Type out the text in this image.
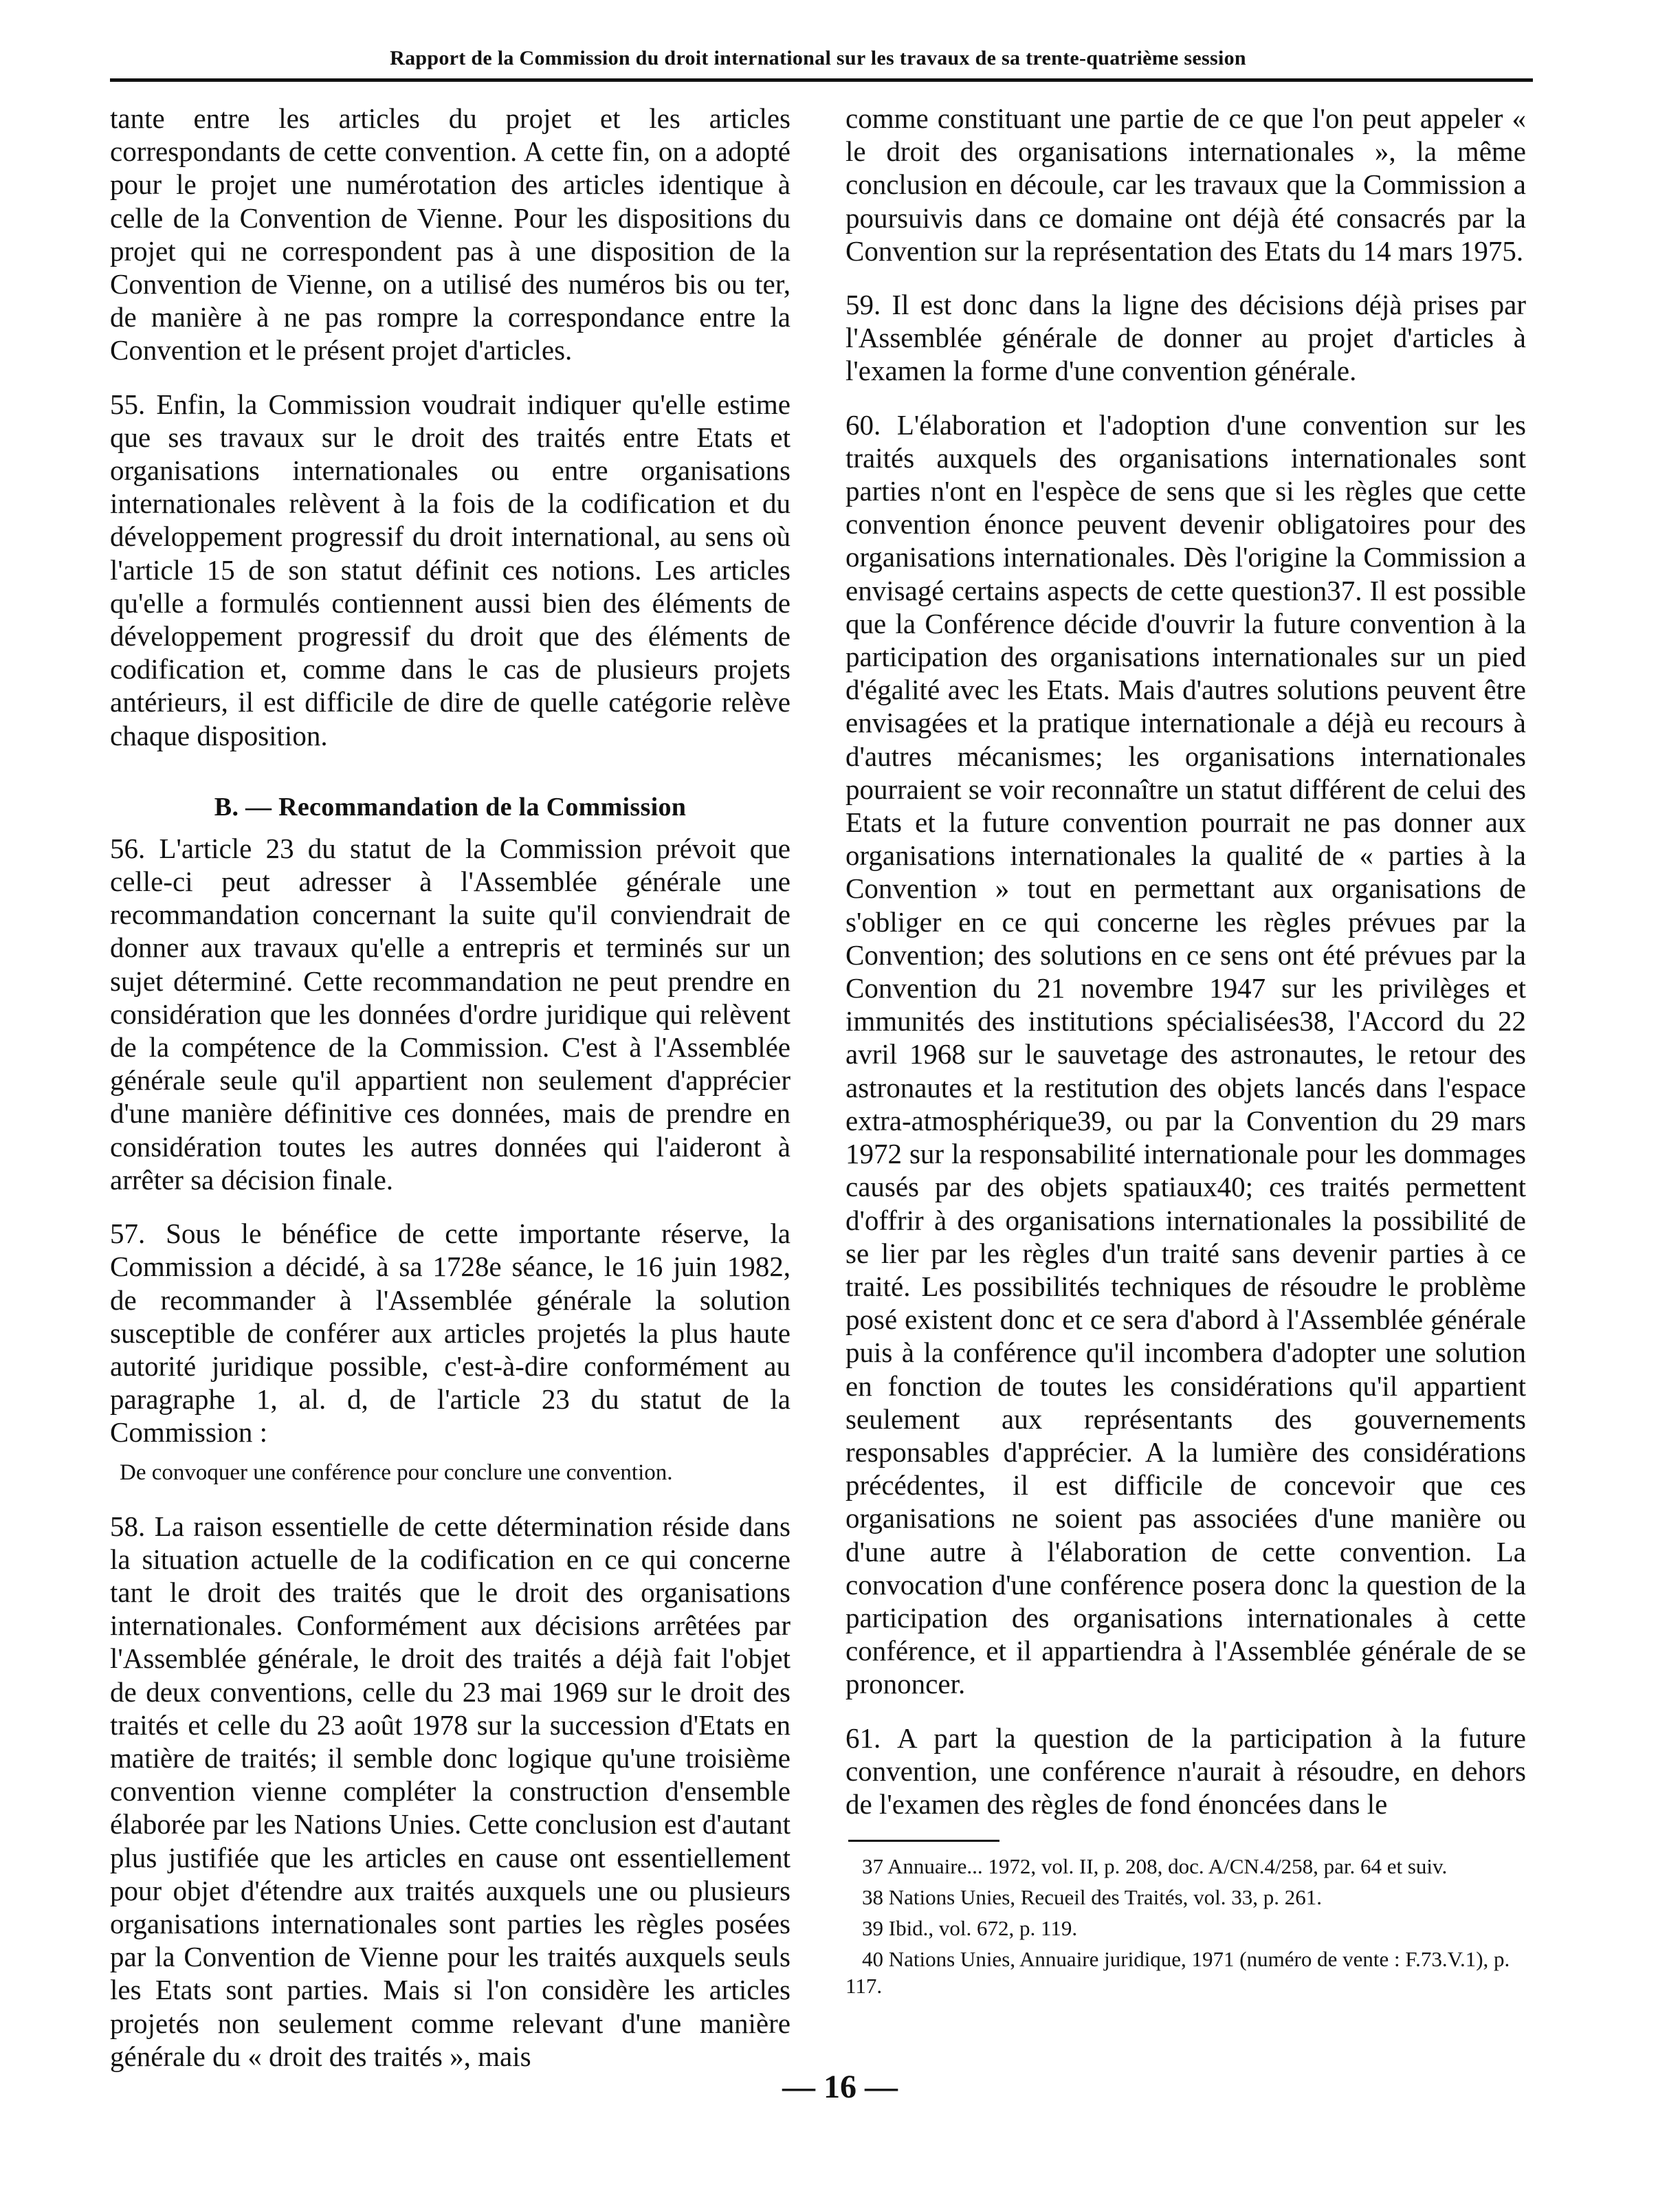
Rapport de la Commission du droit international sur les travaux de sa trente-quatrième session

tante entre les articles du projet et les articles correspondants de cette convention. A cette fin, on a adopté pour le projet une numérotation des articles identique à celle de la Convention de Vienne. Pour les dispositions du projet qui ne correspondent pas à une disposition de la Convention de Vienne, on a utilisé des numéros bis ou ter, de manière à ne pas rompre la correspondance entre la Convention et le présent projet d'articles.

55. Enfin, la Commission voudrait indiquer qu'elle estime que ses travaux sur le droit des traités entre Etats et organisations internationales ou entre organisations internationales relèvent à la fois de la codification et du développement progressif du droit international, au sens où l'article 15 de son statut définit ces notions. Les articles qu'elle a formulés contiennent aussi bien des éléments de développement progressif du droit que des éléments de codification et, comme dans le cas de plusieurs projets antérieurs, il est difficile de dire de quelle catégorie relève chaque disposition.

B. — Recommandation de la Commission

56. L'article 23 du statut de la Commission prévoit que celle-ci peut adresser à l'Assemblée générale une recommandation concernant la suite qu'il conviendrait de donner aux travaux qu'elle a entrepris et terminés sur un sujet déterminé. Cette recommandation ne peut prendre en considération que les données d'ordre juridique qui relèvent de la compétence de la Commission. C'est à l'Assemblée générale seule qu'il appartient non seulement d'apprécier d'une manière définitive ces données, mais de prendre en considération toutes les autres données qui l'aideront à arrêter sa décision finale.

57. Sous le bénéfice de cette importante réserve, la Commission a décidé, à sa 1728e séance, le 16 juin 1982, de recommander à l'Assemblée générale la solution susceptible de conférer aux articles projetés la plus haute autorité juridique possible, c'est-à-dire conformément au paragraphe 1, al. d, de l'article 23 du statut de la Commission :

De convoquer une conférence pour conclure une convention.

58. La raison essentielle de cette détermination réside dans la situation actuelle de la codification en ce qui concerne tant le droit des traités que le droit des organisations internationales. Conformément aux décisions arrêtées par l'Assemblée générale, le droit des traités a déjà fait l'objet de deux conventions, celle du 23 mai 1969 sur le droit des traités et celle du 23 août 1978 sur la succession d'Etats en matière de traités; il semble donc logique qu'une troisième convention vienne compléter la construction d'ensemble élaborée par les Nations Unies. Cette conclusion est d'autant plus justifiée que les articles en cause ont essentiellement pour objet d'étendre aux traités auxquels une ou plusieurs organisations internationales sont parties les règles posées par la Convention de Vienne pour les traités auxquels seuls les Etats sont parties. Mais si l'on considère les articles projetés non seulement comme relevant d'une manière générale du « droit des traités », mais

comme constituant une partie de ce que l'on peut appeler « le droit des organisations internationales », la même conclusion en découle, car les travaux que la Commission a poursuivis dans ce domaine ont déjà été consacrés par la Convention sur la représentation des Etats du 14 mars 1975.

59. Il est donc dans la ligne des décisions déjà prises par l'Assemblée générale de donner au projet d'articles à l'examen la forme d'une convention générale.

60. L'élaboration et l'adoption d'une convention sur les traités auxquels des organisations internationales sont parties n'ont en l'espèce de sens que si les règles que cette convention énonce peuvent devenir obligatoires pour des organisations internationales. Dès l'origine la Commission a envisagé certains aspects de cette question37. Il est possible que la Conférence décide d'ouvrir la future convention à la participation des organisations internationales sur un pied d'égalité avec les Etats. Mais d'autres solutions peuvent être envisagées et la pratique internationale a déjà eu recours à d'autres mécanismes; les organisations internationales pourraient se voir reconnaître un statut différent de celui des Etats et la future convention pourrait ne pas donner aux organisations internationales la qualité de « parties à la Convention » tout en permettant aux organisations de s'obliger en ce qui concerne les règles prévues par la Convention; des solutions en ce sens ont été prévues par la Convention du 21 novembre 1947 sur les privilèges et immunités des institutions spécialisées38, l'Accord du 22 avril 1968 sur le sauvetage des astronautes, le retour des astronautes et la restitution des objets lancés dans l'espace extra-atmosphérique39, ou par la Convention du 29 mars 1972 sur la responsabilité internationale pour les dommages causés par des objets spatiaux40; ces traités permettent d'offrir à des organisations internationales la possibilité de se lier par les règles d'un traité sans devenir parties à ce traité. Les possibilités techniques de résoudre le problème posé existent donc et ce sera d'abord à l'Assemblée générale puis à la conférence qu'il incombera d'adopter une solution en fonction de toutes les considérations qu'il appartient seulement aux représentants des gouvernements responsables d'apprécier. A la lumière des considérations précédentes, il est difficile de concevoir que ces organisations ne soient pas associées d'une manière ou d'une autre à l'élaboration de cette convention. La convocation d'une conférence posera donc la question de la participation des organisations internationales à cette conférence, et il appartiendra à l'Assemblée générale de se prononcer.

61. A part la question de la participation à la future convention, une conférence n'aurait à résoudre, en dehors de l'examen des règles de fond énoncées dans le

37 Annuaire... 1972, vol. II, p. 208, doc. A/CN.4/258, par. 64 et suiv.

38 Nations Unies, Recueil des Traités, vol. 33, p. 261.

39 Ibid., vol. 672, p. 119.

40 Nations Unies, Annuaire juridique, 1971 (numéro de vente : F.73.V.1), p. 117.

— 16 —
